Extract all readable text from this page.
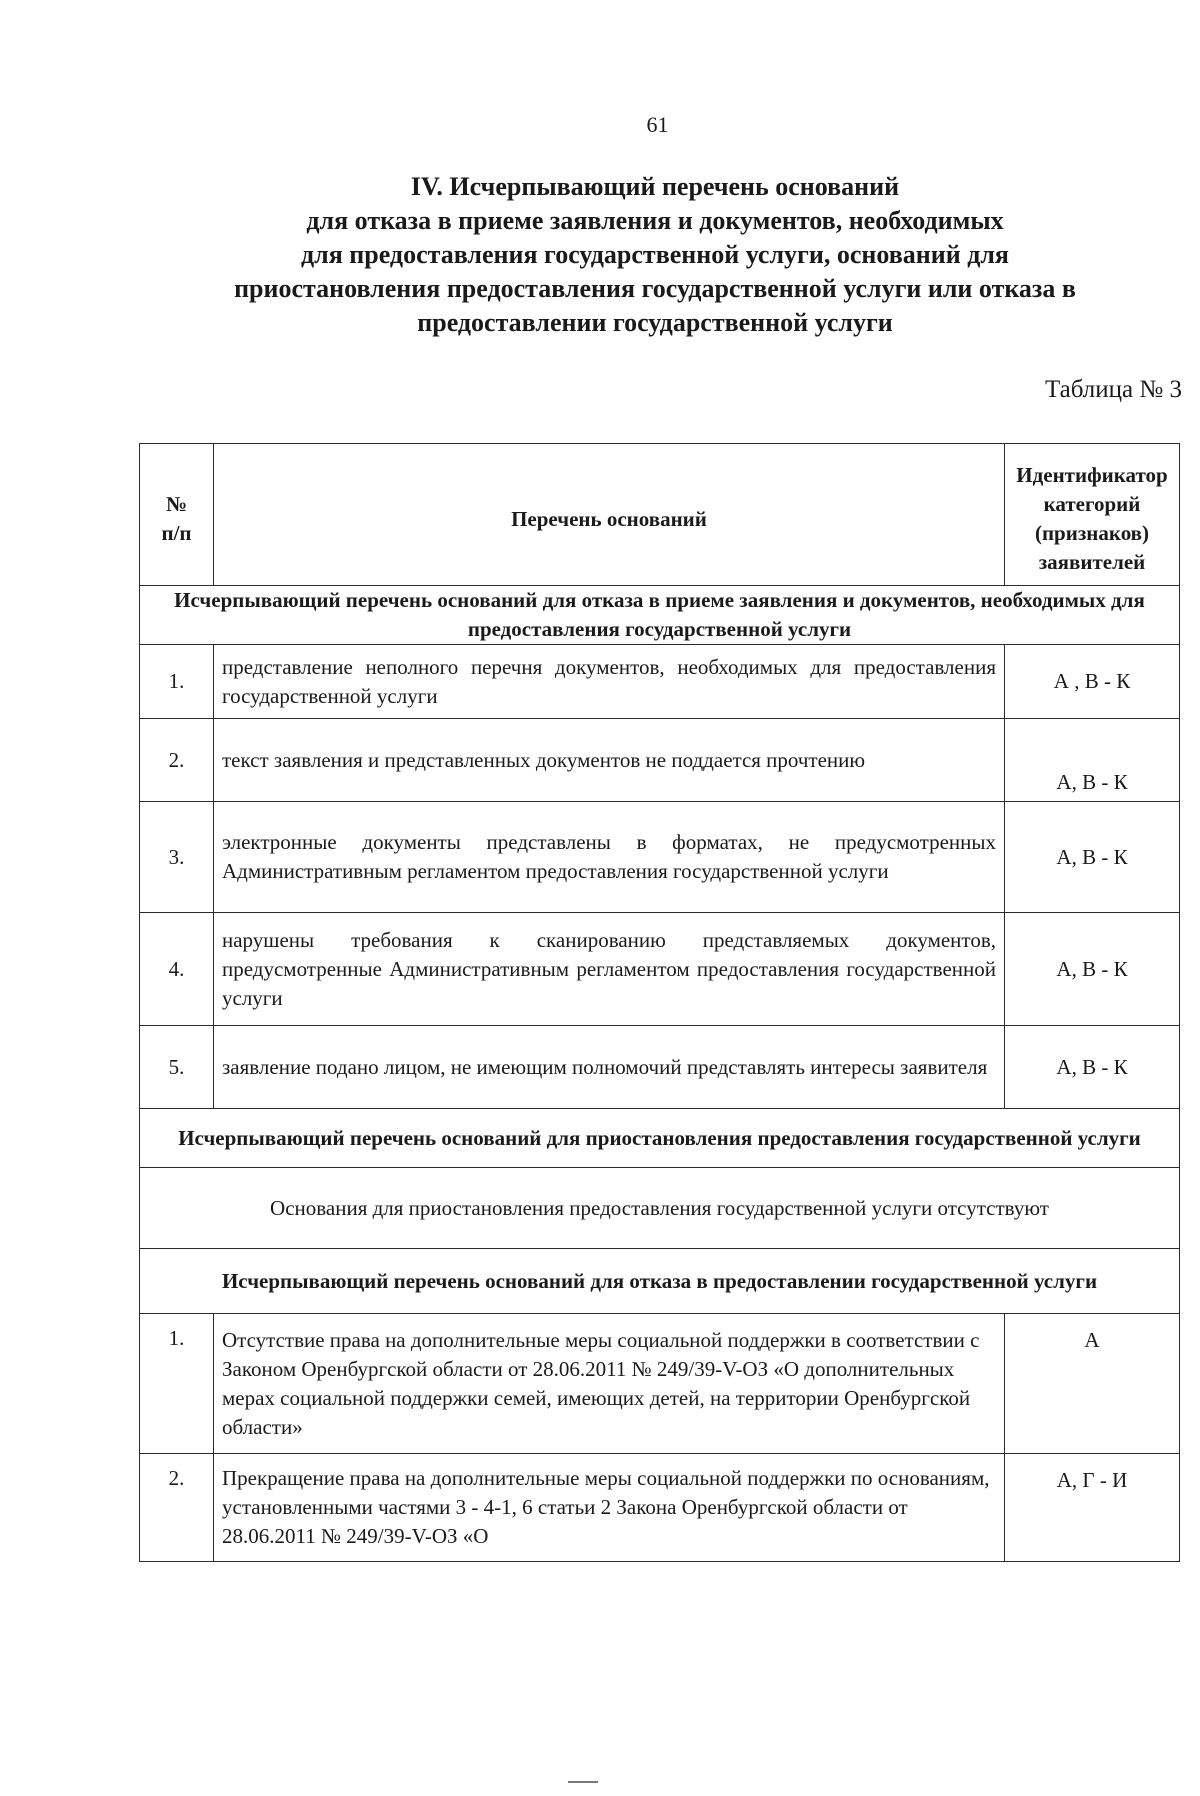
61
IV. Исчерпывающий перечень оснований
для отказа в приеме заявления и документов, необходимых
для предоставления государственной услуги, оснований для
приостановления предоставления государственной услуги или отказа в
предоставлении государственной услуги
Таблица № 3
№
п/п	Перечень оснований	Идентификатор категорий (признаков) заявителей

Исчерпывающий перечень оснований для отказа в приеме заявления и документов, необходимых для предоставления государственной услуги		
1.	представление неполного перечня документов, необходимых для предоставления государственной услуги	А , В - К
2.	текст заявления и представленных документов не поддается прочтению	А, В - К
3.	электронные документы представлены в форматах, не предусмотренных Административным регламентом предоставления государственной услуги	А, В - К
4.	нарушены требования к сканированию представляемых документов, предусмотренные Административным регламентом предоставления государственной услуги	А, В - К
5.	заявление подано лицом, не имеющим полномочий представлять интересы заявителя	А, В - К
Исчерпывающий перечень оснований для приостановления предоставления государственной услуги		
Основания для приостановления предоставления государственной услуги отсутствуют		
Исчерпывающий перечень оснований для отказа в предоставлении государственной услуги		
1.	Отсутствие права на дополнительные меры социальной поддержки в соответствии с Законом Оренбургской области от 28.06.2011 № 249/39-V-ОЗ «О дополнительных мерах социальной поддержки семей, имеющих детей, на территории Оренбургской области»	А
2.	Прекращение права на дополнительные меры социальной поддержки по основаниям, установленными частями 3 - 4-1, 6 статьи 2 Закона Оренбургской области от 28.06.2011 № 249/39-V-ОЗ «О	А, Г - И
